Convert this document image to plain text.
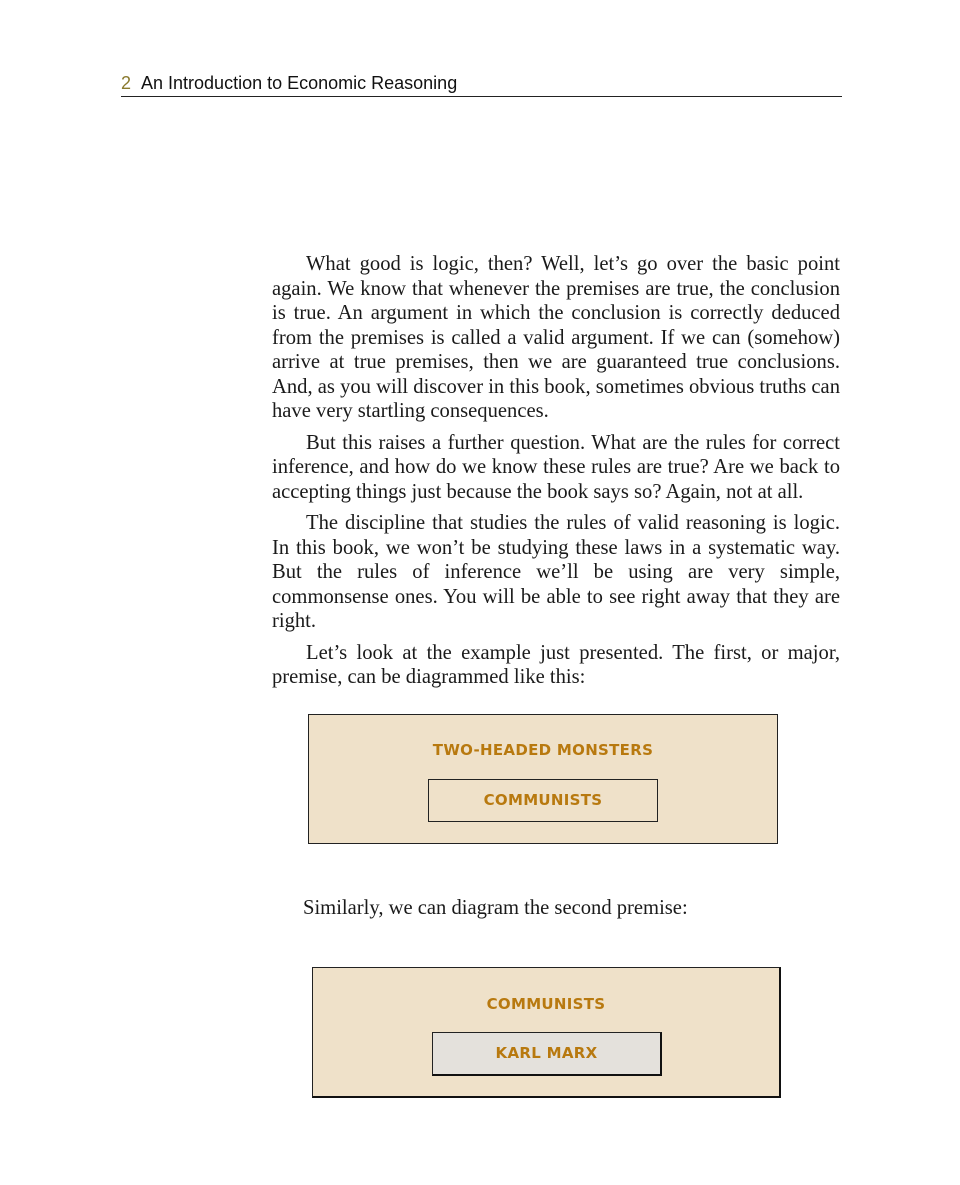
2 An Introduction to Economic Reasoning

What good is logic, then? Well, let’s go over the basic point again. We know that whenever the premises are true, the conclusion is true. An argument in which the conclusion is correctly deduced from the premises is called a valid argument. If we can (somehow) arrive at true premises, then we are guaranteed true conclusions. And, as you will discover in this book, sometimes obvious truths can have very startling consequences.

But this raises a further question. What are the rules for correct inference, and how do we know these rules are true? Are we back to accepting things just because the book says so? Again, not at all.

The discipline that studies the rules of valid reasoning is logic. In this book, we won’t be studying these laws in a systematic way. But the rules of inference we’ll be using are very simple, commonsense ones. You will be able to see right away that they are right.

Let’s look at the example just presented. The first, or major, premise, can be diagrammed like this:

TWO-HEADED MONSTERS
COMMUNISTS
Similarly, we can diagram the second premise:
COMMUNISTS
KARL MARX
